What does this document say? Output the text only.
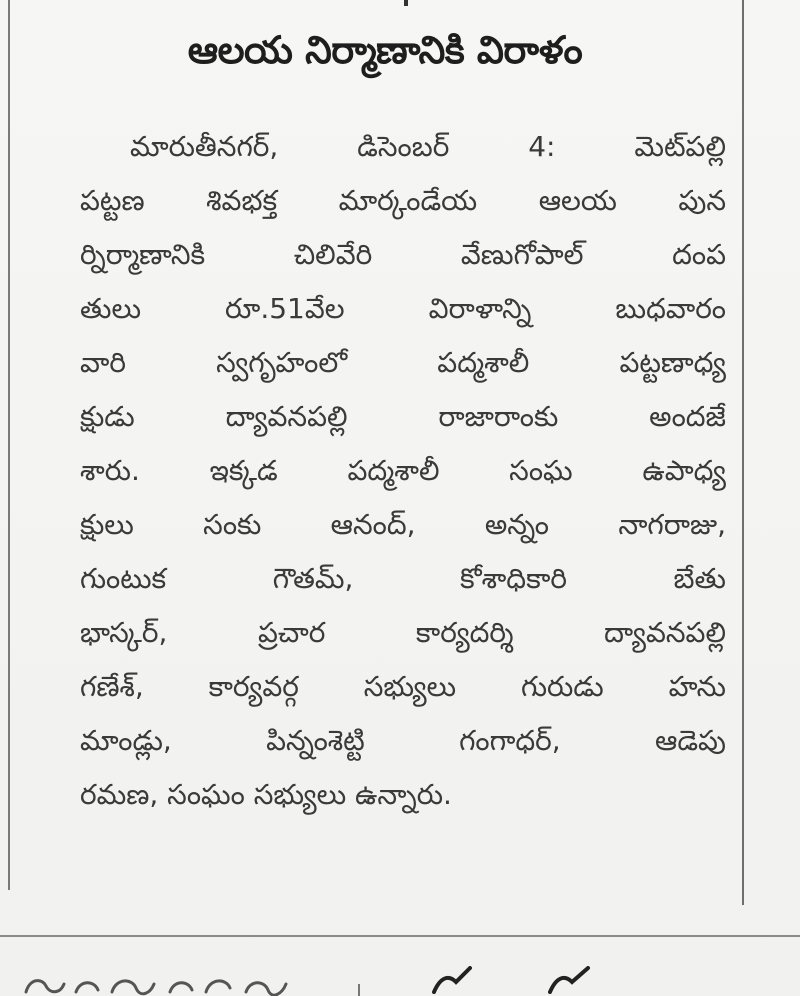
ఆలయ నిర్మాణానికి విరాళం
మారుతీనగర్, డిసెంబర్ 4: మెట్‌పల్లి
పట్టణ శివభక్త మార్కండేయ ఆలయ పున
ర్నిర్మాణానికి చిలివేరి వేణుగోపాల్ దంప
తులు రూ.51వేల విరాళాన్ని బుధవారం
వారి స్వగృహంలో పద్మశాలీ పట్టణాధ్య
క్షుడు ద్యావనపల్లి రాజారాంకు అందజే
శారు. ఇక్కడ పద్మశాలీ సంఘ ఉపాధ్య
క్షులు సంకు ఆనంద్, అన్నం నాగరాజు,
గుంటుక గౌతమ్, కోశాధికారి బేతు
భాస్కర్, ప్రచార కార్యదర్శి ద్యావనపల్లి
గణేశ్, కార్యవర్గ సభ్యులు గురుడు హను
మాండ్లు, పిన్నంశెట్టి గంగాధర్, ఆడెపు
రమణ, సంఘం సభ్యులు ఉన్నారు.
